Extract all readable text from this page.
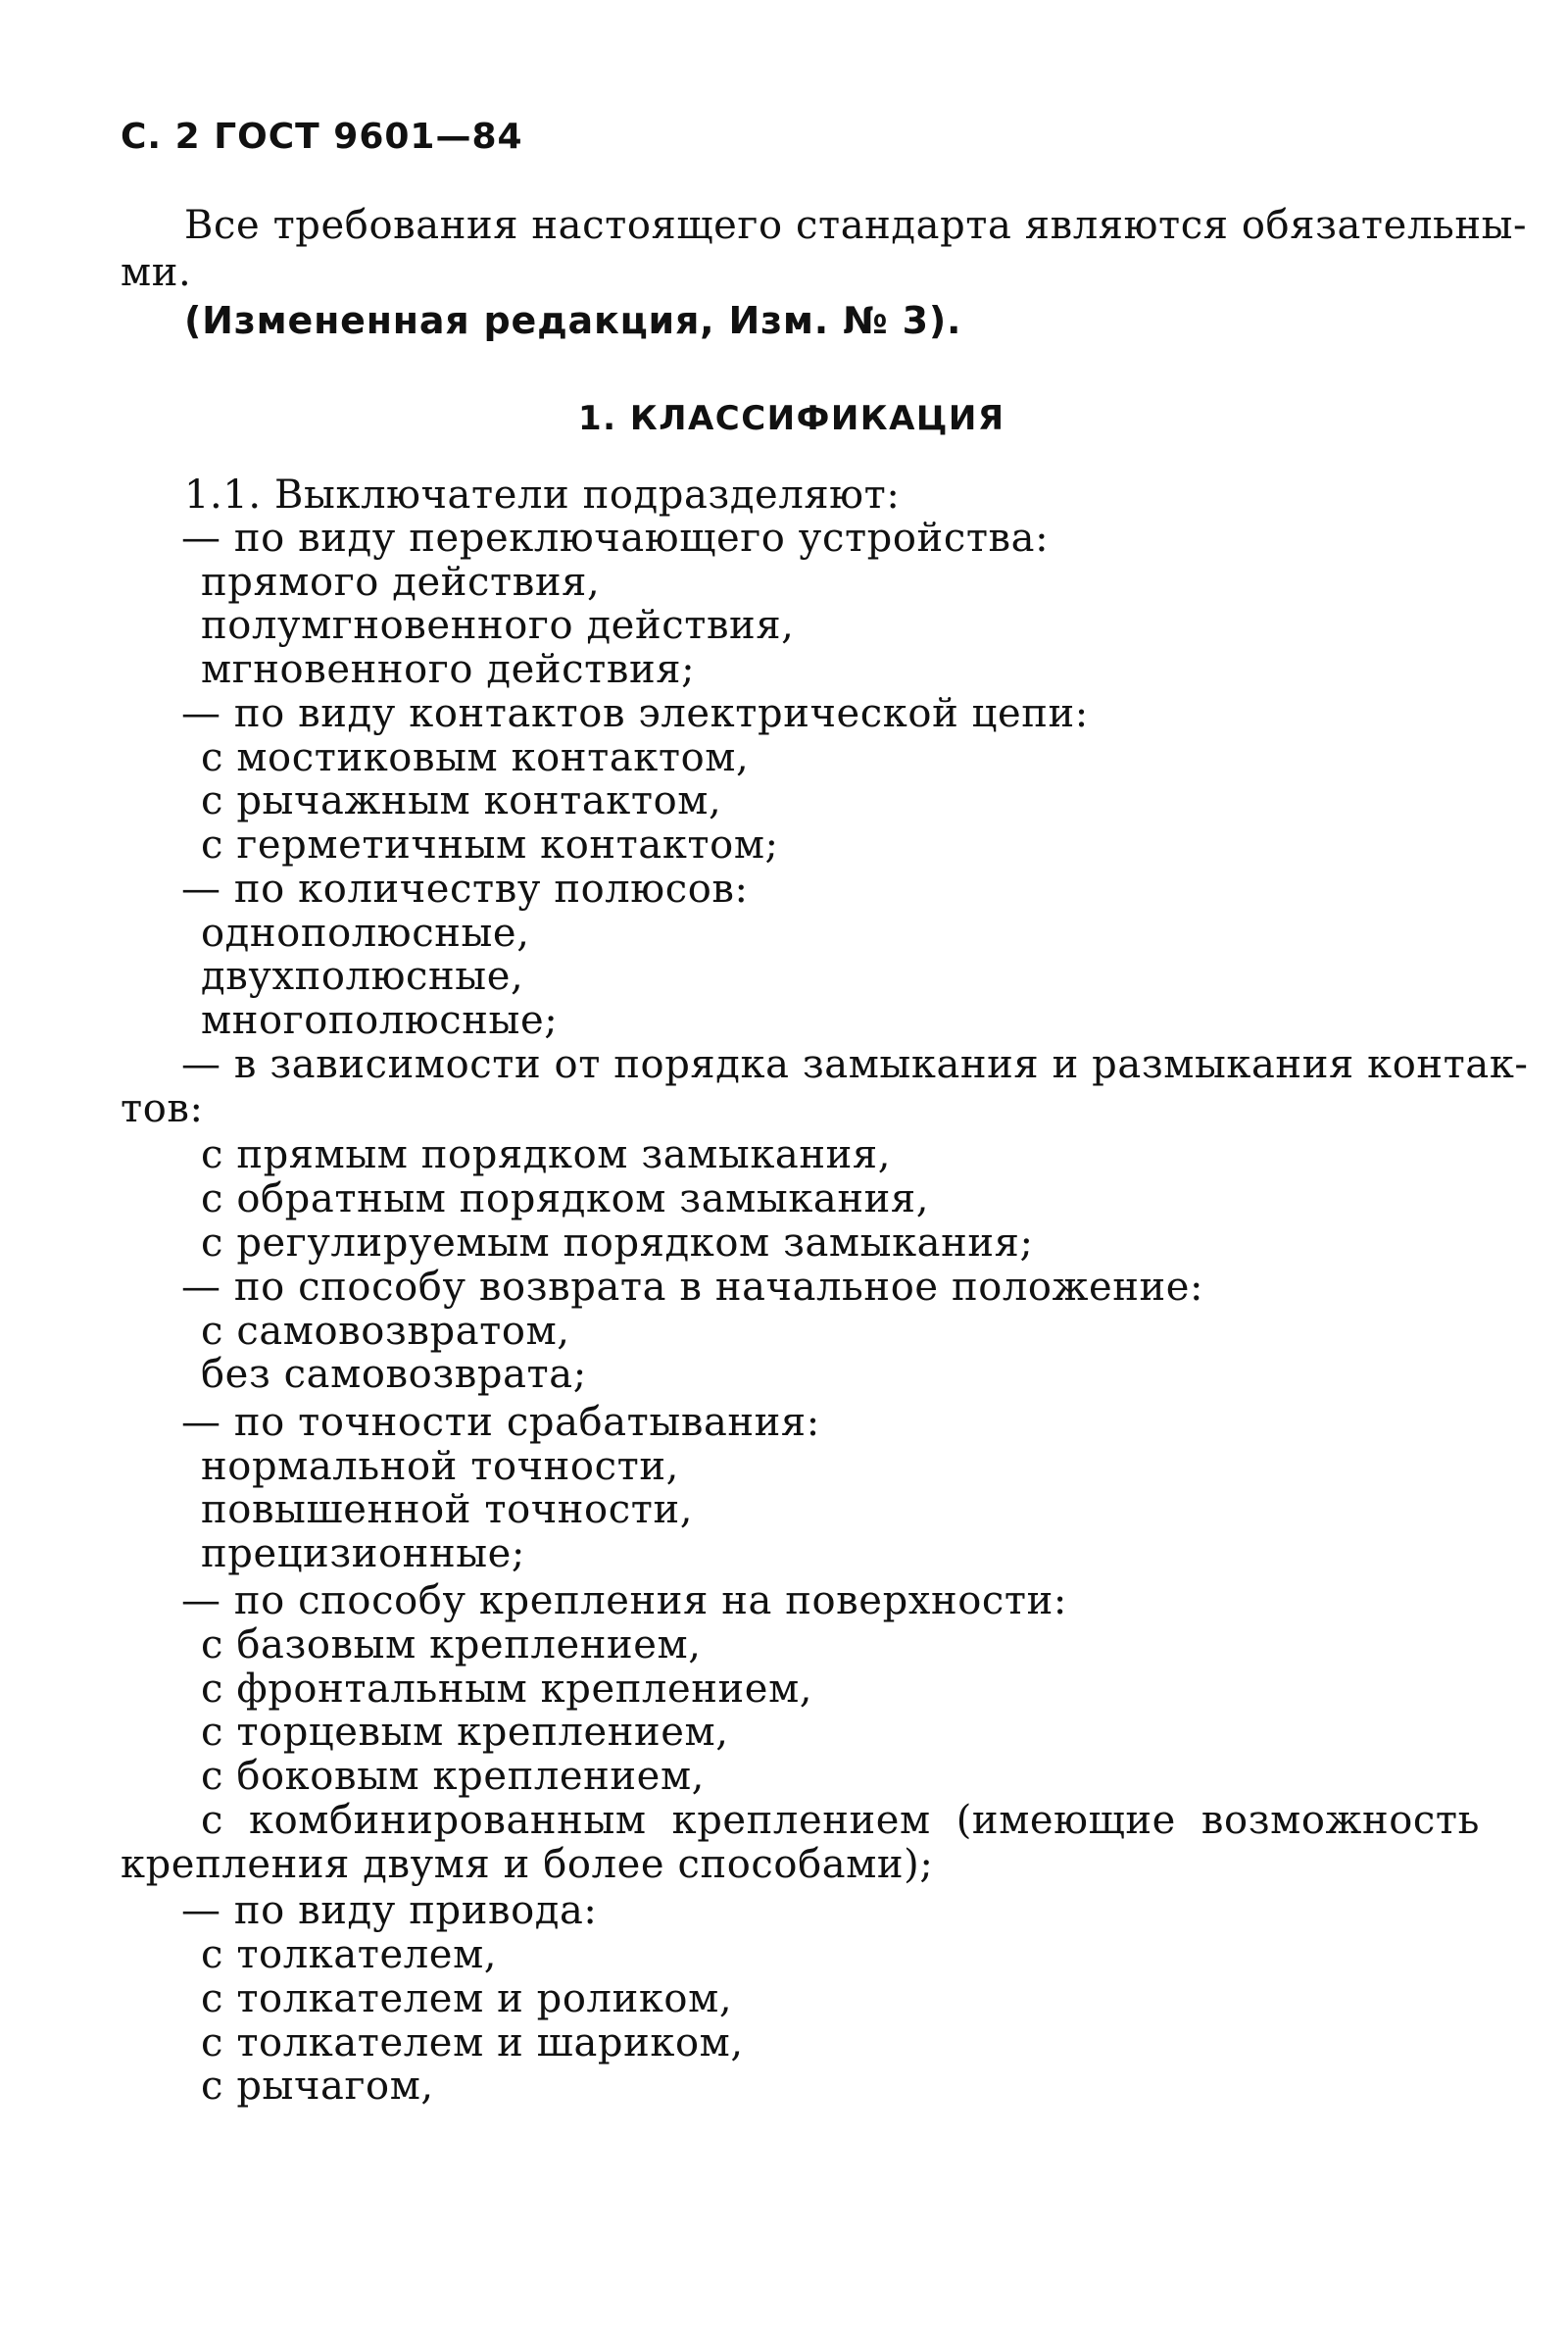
С. 2 ГОСТ 9601—84
Все требования настоящего стандарта являются обязательны-
ми.
(Измененная редакция, Изм. № 3).
1. КЛАССИФИКАЦИЯ
1.1. Выключатели подразделяют:
— по виду переключающего устройства:
прямого действия,
полумгновенного действия,
мгновенного действия;
— по виду контактов электрической цепи:
с мостиковым контактом,
с рычажным контактом,
с герметичным контактом;
— по количеству полюсов:
однополюсные,
двухполюсные,
многополюсные;
— в зависимости от порядка замыкания и размыкания контак-
тов:
с прямым порядком замыкания,
с обратным порядком замыкания,
с регулируемым порядком замыкания;
— по способу возврата в начальное положение:
с самовозвратом,
без самовозврата;
— по точности срабатывания:
нормальной точности,
повышенной точности,
прецизионные;
— по способу крепления на поверхности:
с базовым креплением,
с фронтальным креплением,
с торцевым креплением,
с боковым креплением,
с комбинированным креплением (имеющие возможность
крепления двумя и более способами);
— по виду привода:
с толкателем,
с толкателем и роликом,
с толкателем и шариком,
с рычагом,
